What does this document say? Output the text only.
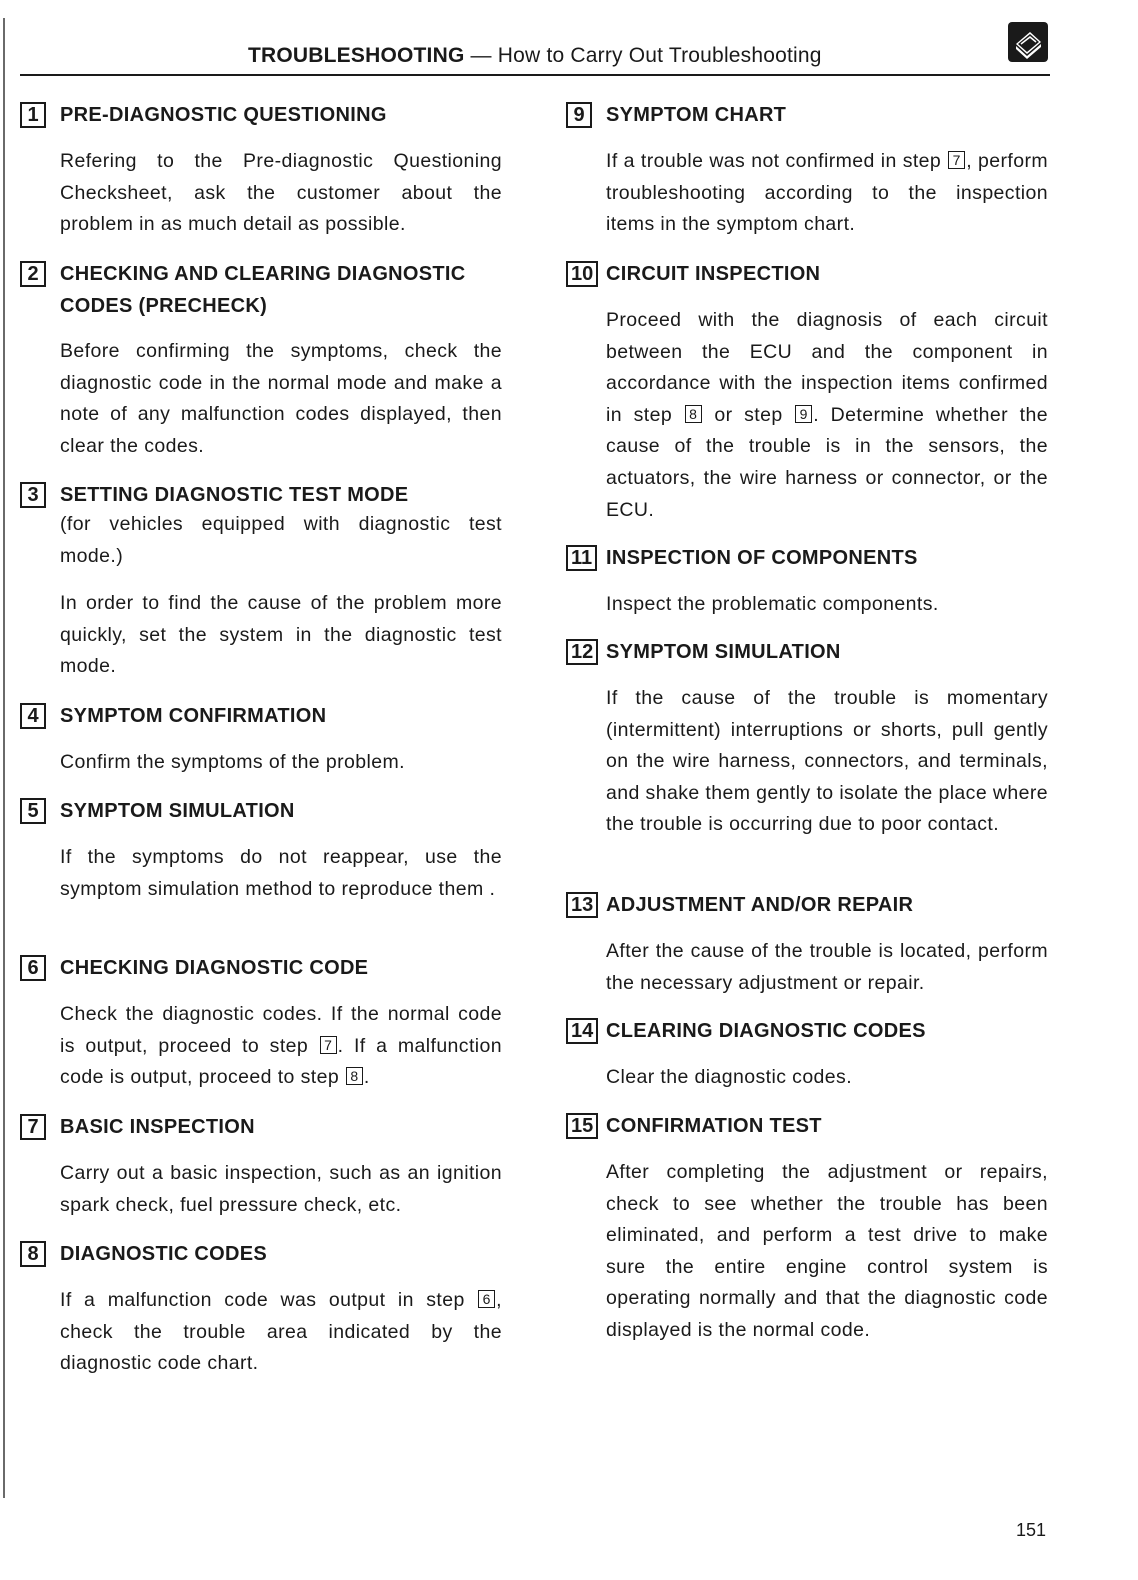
TROUBLESHOOTING — How to Carry Out Troubleshooting
1	PRE-DIAGNOSTIC QUESTIONING
Refering to the Pre-diagnostic Questioning Checksheet, ask the customer about the problem in as much detail as possible.
2	CHECKING AND CLEARING DIAGNOSTIC CODES (PRECHECK)
Before confirming the symptoms, check the diagnostic code in the normal mode and make a note of any malfunction codes displayed, then clear the codes.
3	SETTING DIAGNOSTIC TEST MODE
(for vehicles equipped with diagnostic test mode.)
In order to find the cause of the problem more quickly, set the system in the diagnostic test mode.
4	SYMPTOM CONFIRMATION
Confirm the symptoms of the problem.
5	SYMPTOM SIMULATION
If the symptoms do not reappear, use the symptom simulation method to reproduce them .
6	CHECKING DIAGNOSTIC CODE
Check the diagnostic codes. If the normal code is output, proceed to step 7 . If a malfunction code is output, proceed to step 8 .
7	BASIC INSPECTION
Carry out a basic inspection, such as an ignition spark check, fuel pressure check, etc.
8	DIAGNOSTIC CODES
If a malfunction code was output in step 6 , check the trouble area indicated by the diagnostic code chart.
9	SYMPTOM CHART
If a trouble was not confirmed in step 7 , perform troubleshooting according to the inspection items in the symptom chart.
10 CIRCUIT INSPECTION
Proceed with the diagnosis of each circuit between the ECU and the component in accordance with the inspection items confirmed in step 8 or step 9 . Determine whether the cause of the trouble is in the sensors, the actuators, the wire harness or connector, or the ECU.
11 INSPECTION OF COMPONENTS
Inspect the problematic components.
12 SYMPTOM SIMULATION
If the cause of the trouble is momentary (intermittent) interruptions or shorts, pull gently on the wire harness, connectors, and terminals, and shake them gently to isolate the place where the trouble is occurring due to poor contact.
13 ADJUSTMENT AND/OR REPAIR
After the cause of the trouble is located, perform the necessary adjustment or repair.
14 CLEARING DIAGNOSTIC CODES
Clear the diagnostic codes.
15 CONFIRMATION TEST
After completing the adjustment or repairs, check to see whether the trouble has been eliminated, and perform a test drive to make sure the entire engine control system is operating normally and that the diagnostic code displayed is the normal code.
151
